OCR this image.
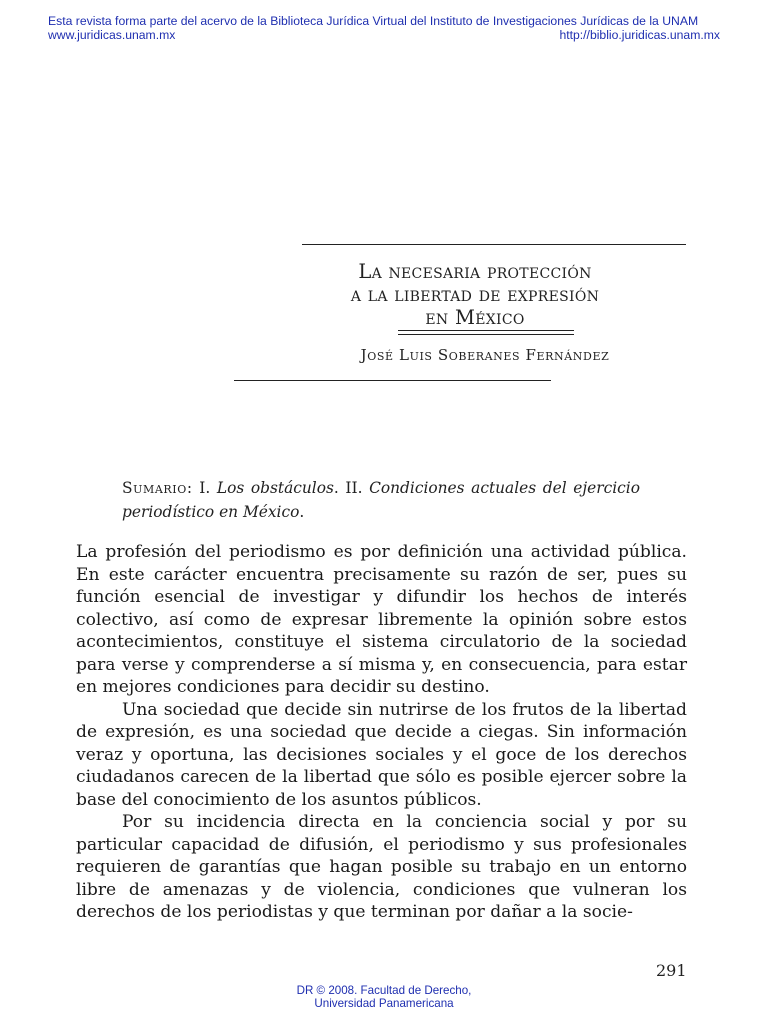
Esta revista forma parte del acervo de la Biblioteca Jurídica Virtual del Instituto de Investigaciones Jurídicas de la UNAM
www.juridicas.unam.mx	http://biblio.juridicas.unam.mx
La necesaria protección
a la libertad de expresión
en México
José Luis Soberanes Fernández
Sumario: I. Los obstáculos. II. Condiciones actuales del ejercicio periodístico en México.

La profesión del periodismo es por definición una actividad pública. En este carácter encuentra precisamente su razón de ser, pues su función esencial de investigar y difundir los hechos de interés colectivo, así como de expresar libremente la opinión sobre estos acontecimientos, constituye el sistema circulatorio de la sociedad para verse y comprenderse a sí misma y, en consecuencia, para estar en mejores condiciones para decidir su destino.

Una sociedad que decide sin nutrirse de los frutos de la libertad de expresión, es una sociedad que decide a ciegas. Sin información veraz y oportuna, las decisiones sociales y el goce de los derechos ciudadanos carecen de la libertad que sólo es posible ejercer sobre la base del conocimiento de los asuntos públicos.

Por su incidencia directa en la conciencia social y por su particular capacidad de difusión, el periodismo y sus profesionales requieren de garantías que hagan posible su trabajo en un entorno libre de amenazas y de violencia, condiciones que vulneran los derechos de los periodistas y que terminan por dañar a la socie-

291
DR © 2008. Facultad de Derecho,
Universidad Panamericana
